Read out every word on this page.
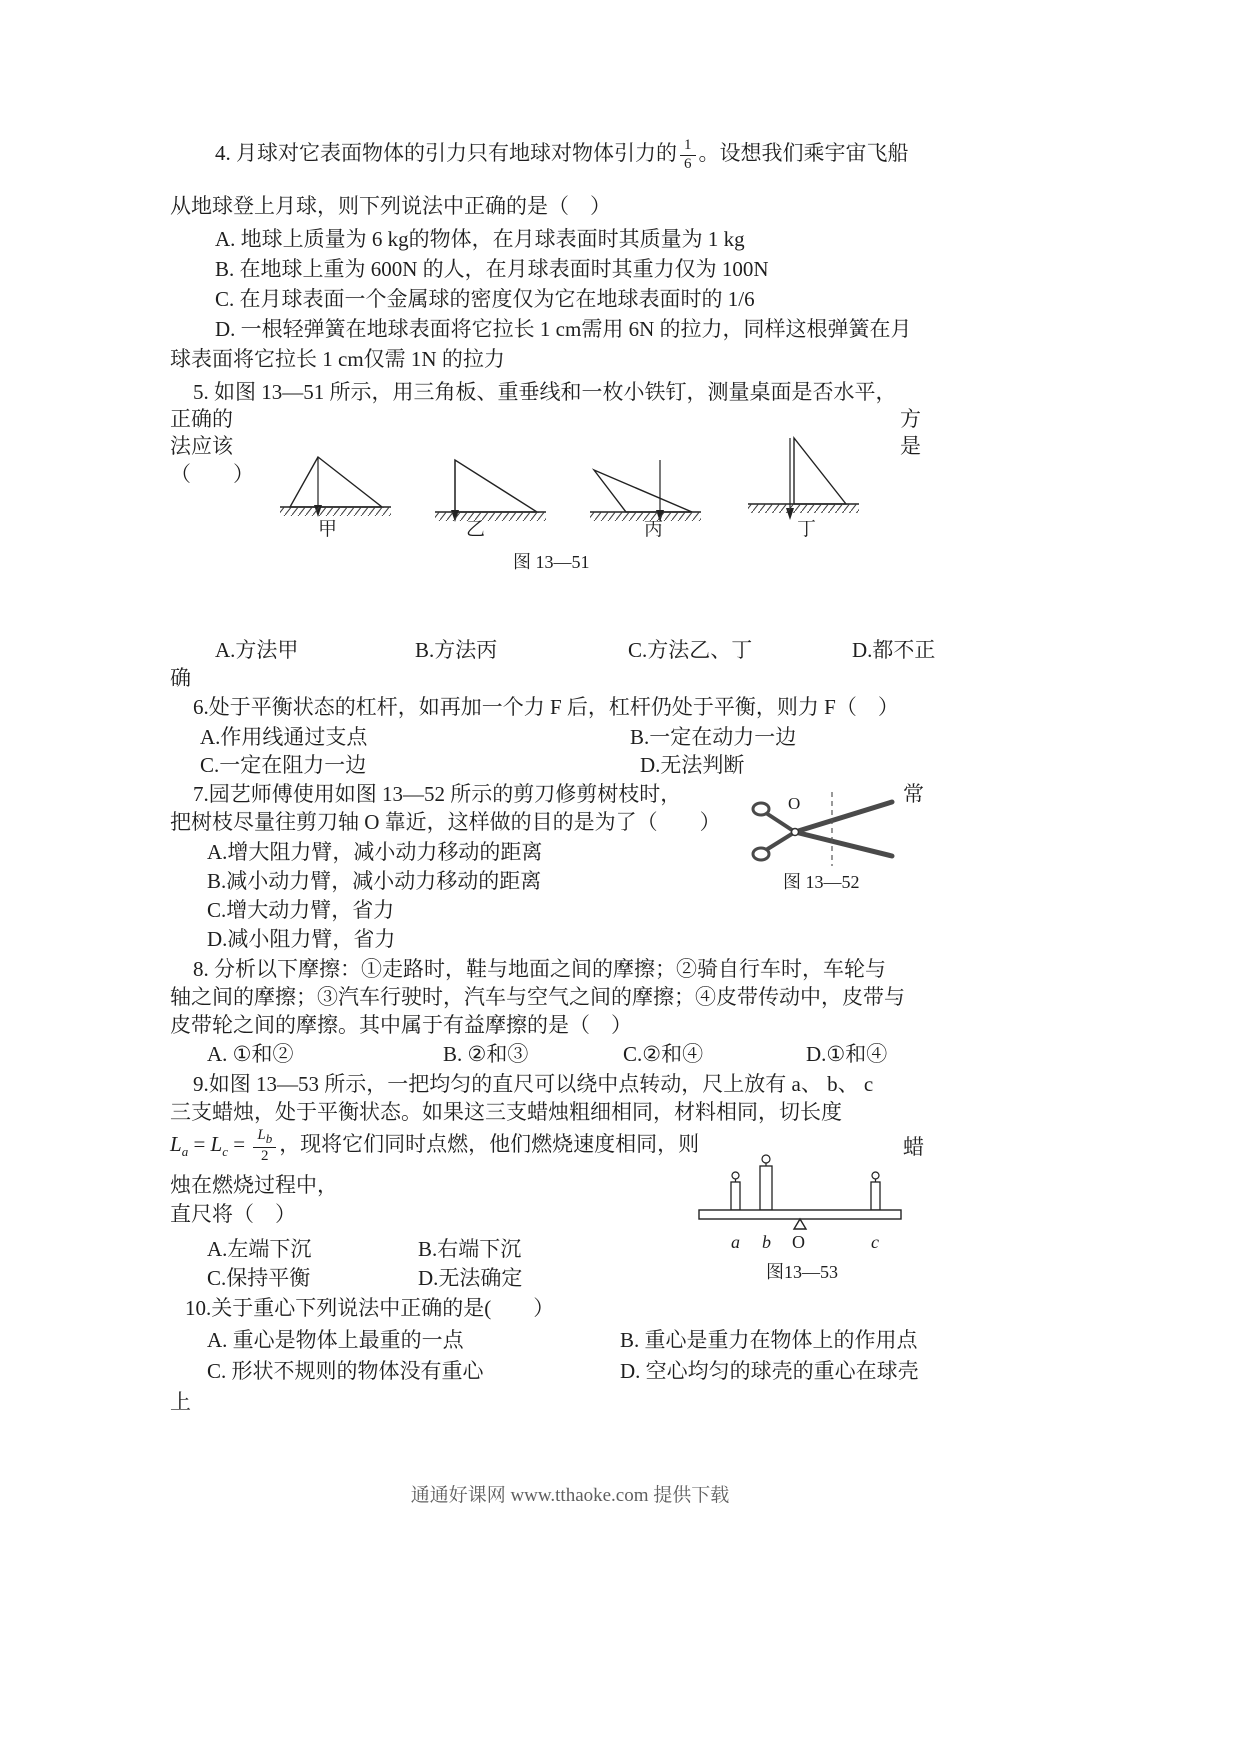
4. 月球对它表面物体的引力只有地球对物体引力的 $\frac{1}{6}$ 。设想我们乘宇宙飞船
从地球登上月球，则下列说法中正确的是（　）
A. 地球上质量为 6 kg的物体，在月球表面时其质量为 1 kg
B. 在地球上重为 600N 的人，在月球表面时其重力仅为 100N
C. 在月球表面一个金属球的密度仅为它在地球表面时的 1/6
D. 一根轻弹簧在地球表面将它拉长 1 cm需用 6N 的拉力，同样这根弹簧在月
球表面将它拉长 1 cm仅需 1N 的拉力
5. 如图 13—51 所示，用三角板、重垂线和一枚小铁钉，测量桌面是否水平，
正确的	方
法应该	是
（　　）
甲	乙	丙	丁
图 13—51
A.方法甲	B.方法丙	C.方法乙、丁	D.都不正
确
6.处于平衡状态的杠杆，如再加一个力 F 后，杠杆仍处于平衡，则力 F（　）
A.作用线通过支点	B.一定在动力一边
C.一定在阻力一边	D.无法判断
7.园艺师傅使用如图 13—52 所示的剪刀修剪树枝时，	常
把树枝尽量往剪刀轴 O 靠近，这样做的目的是为了（　　）
A.增大阻力臂，减小动力移动的距离
B.减小动力臂，减小动力移动的距离
C.增大动力臂，省力
D.减小阻力臂，省力
O
图 13—52
8. 分析以下摩擦：①走路时，鞋与地面之间的摩擦；②骑自行车时，车轮与
轴之间的摩擦；③汽车行驶时，汽车与空气之间的摩擦；④皮带传动中，皮带与
皮带轮之间的摩擦。其中属于有益摩擦的是（　）
A. ①和②	B. ②和③	C.②和④	D.①和④
9.如图 13—53 所示，一把均匀的直尺可以绕中点转动，尺上放有 a、 b、 c
三支蜡烛，处于平衡状态。如果这三支蜡烛粗细相同，材料相同，切长度
$L_a = L_c = \frac{L_b}{2}$ ，现将它们同时点燃，他们燃烧速度相同，则	蜡
烛在燃烧过程中，
直尺将（　）
A.左端下沉	B.右端下沉
C.保持平衡	D.无法确定
a b O	c
图13—53
10.关于重心下列说法中正确的是(　　）
A. 重心是物体上最重的一点	B. 重心是重力在物体上的作用点
C. 形状不规则的物体没有重心	D. 空心均匀的球壳的重心在球壳
上
通通好课网 www.tthaoke.com 提供下载
